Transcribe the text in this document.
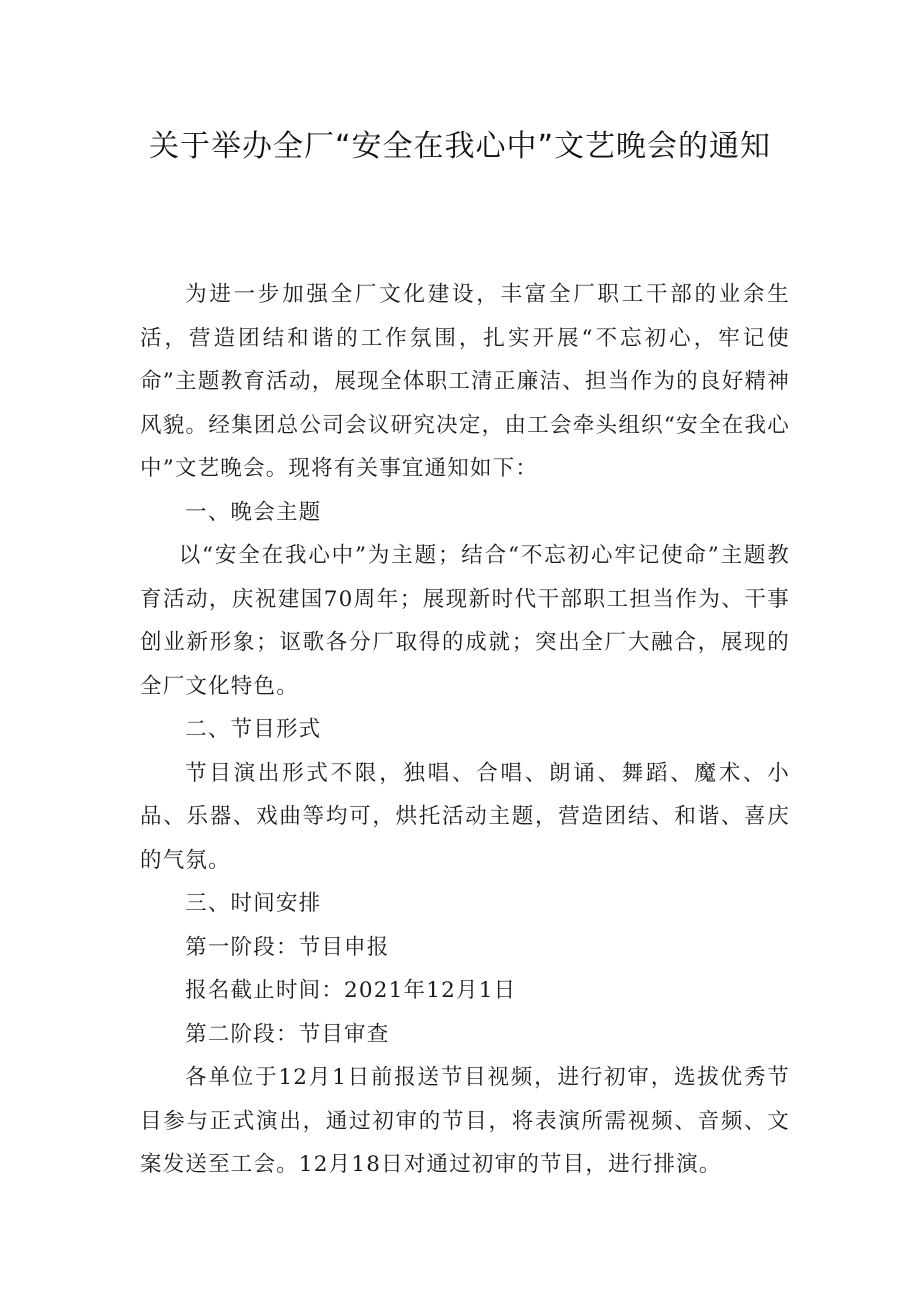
关于举办全厂“安全在我心中”文艺晚会的通知

为进一步加强全厂文化建设，丰富全厂职工干部的业余生活，营造团结和谐的工作氛围，扎实开展“不忘初心，牢记使命”主题教育活动，展现全体职工清正廉洁、担当作为的良好精神风貌。经集团总公司会议研究决定，由工会牵头组织“安全在我心中”文艺晚会。现将有关事宜通知如下：

一、晚会主题

以“安全在我心中”为主题；结合“不忘初心牢记使命”主题教育活动，庆祝建国70周年；展现新时代干部职工担当作为、干事创业新形象；讴歌各分厂取得的成就；突出全厂大融合，展现的全厂文化特色。

二、节目形式

节目演出形式不限，独唱、合唱、朗诵、舞蹈、魔术、小品、乐器、戏曲等均可，烘托活动主题，营造团结、和谐、喜庆的气氛。

三、时间安排

第一阶段：节目申报

报名截止时间：2021年12月1日

第二阶段：节目审查

各单位于12月1日前报送节目视频，进行初审，选拔优秀节目参与正式演出，通过初审的节目，将表演所需视频、音频、文案发送至工会。12月18日对通过初审的节目，进行排演。
